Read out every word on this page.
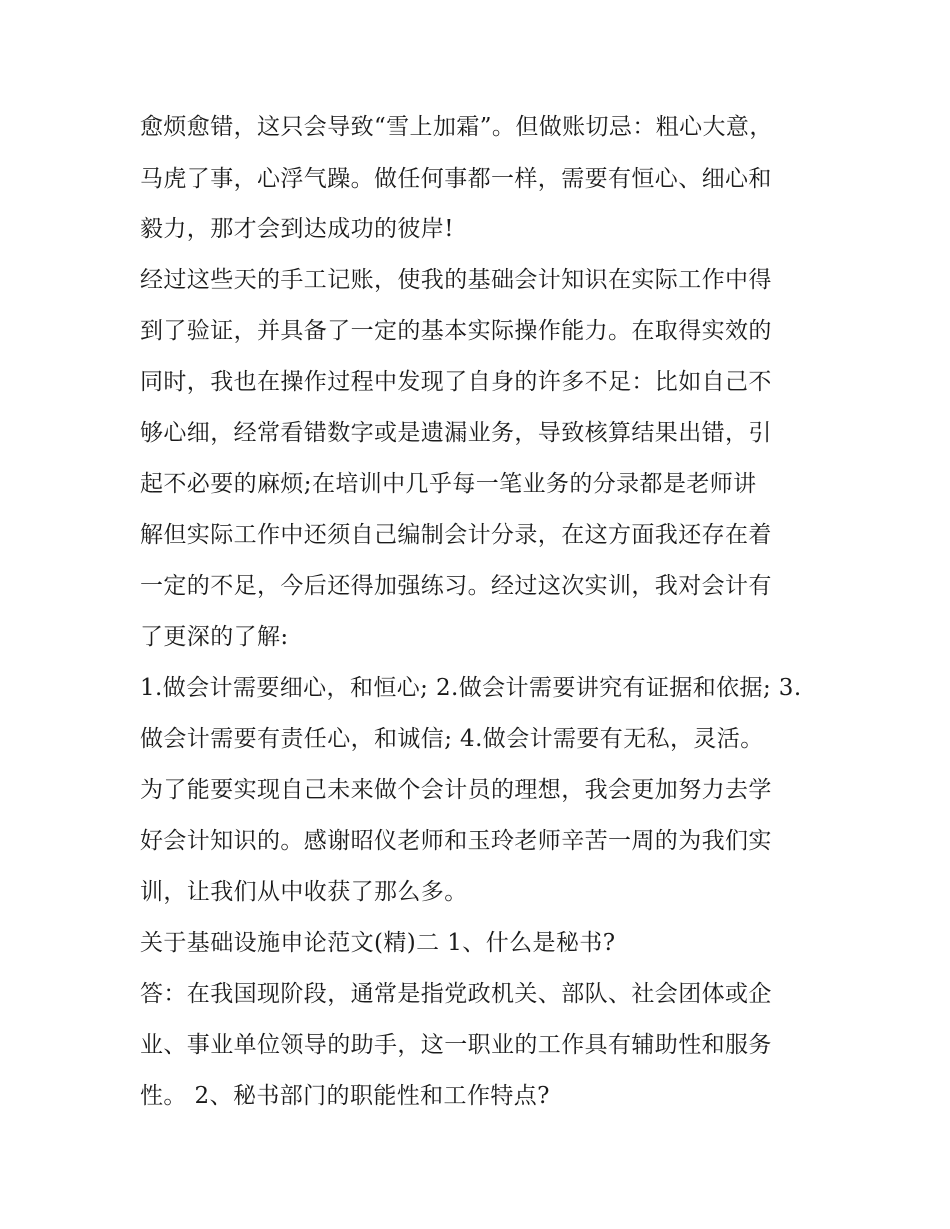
愈烦愈错，这只会导致“雪上加霜”。但做账切忌：粗心大意，
马虎了事，心浮气躁。做任何事都一样，需要有恒心、细心和
毅力，那才会到达成功的彼岸!
经过这些天的手工记账，使我的基础会计知识在实际工作中得
到了验证，并具备了一定的基本实际操作能力。在取得实效的
同时，我也在操作过程中发现了自身的许多不足：比如自己不
够心细，经常看错数字或是遗漏业务，导致核算结果出错，引
起不必要的麻烦;在培训中几乎每一笔业务的分录都是老师讲
解但实际工作中还须自己编制会计分录，在这方面我还存在着
一定的不足，今后还得加强练习。经过这次实训，我对会计有
了更深的了解:
1.做会计需要细心，和恒心; 2.做会计需要讲究有证据和依据; 3.
做会计需要有责任心，和诚信; 4.做会计需要有无私，灵活。
为了能要实现自己未来做个会计员的理想，我会更加努力去学
好会计知识的。感谢昭仪老师和玉玲老师辛苦一周的为我们实
训，让我们从中收获了那么多。
关于基础设施申论范文(精)二 1、什么是秘书?
答：在我国现阶段，通常是指党政机关、部队、社会团体或企
业、事业单位领导的助手，这一职业的工作具有辅助性和服务
性。 2、秘书部门的职能性和工作特点?
